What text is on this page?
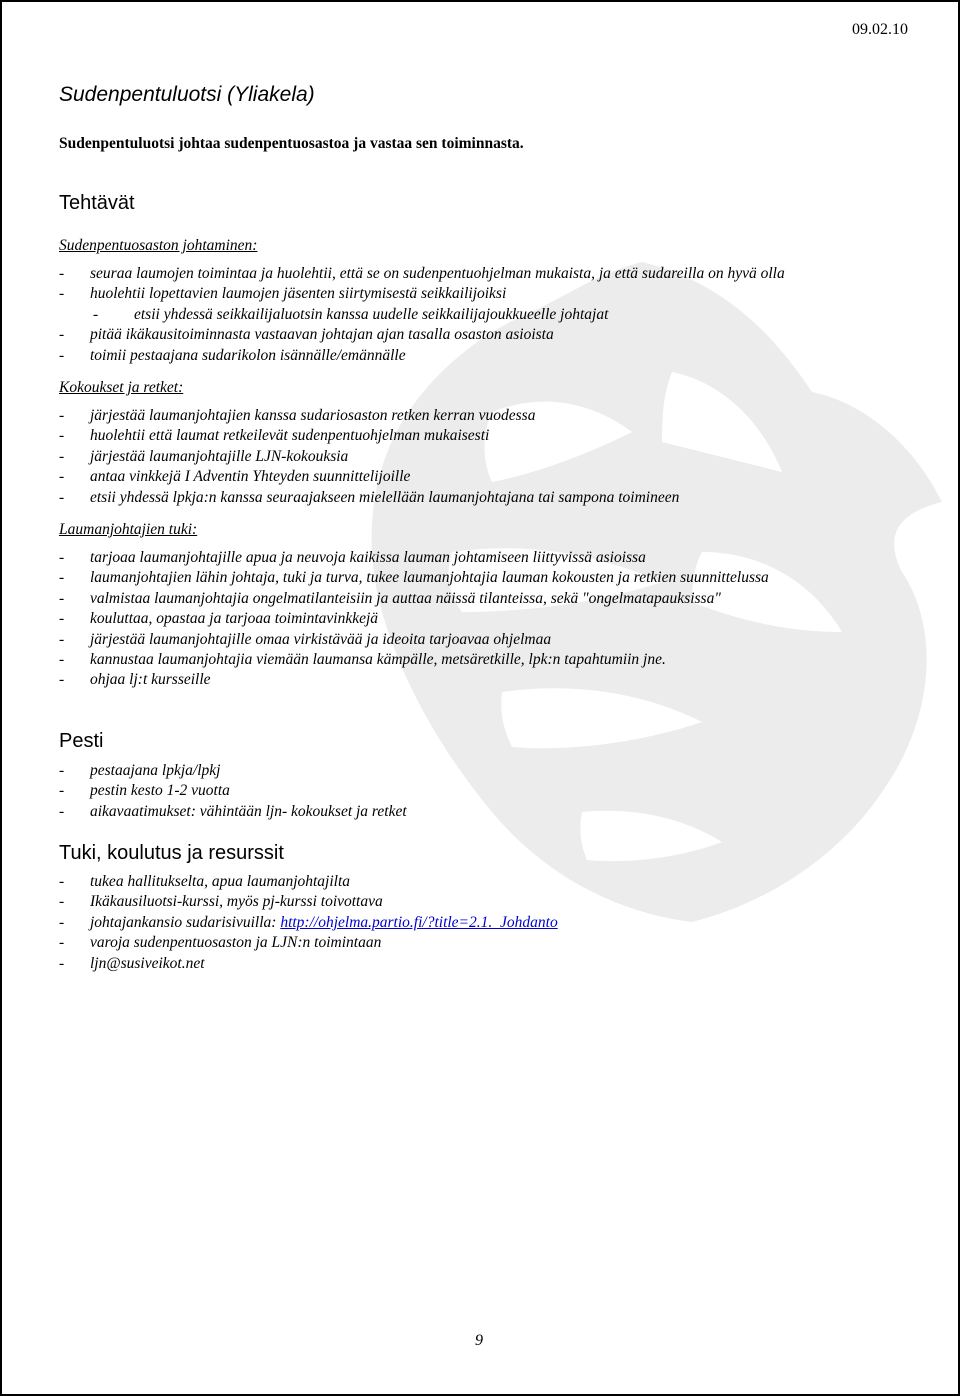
09.02.10
Sudenpentuluotsi (Yliakela)

Sudenpentuluotsi johtaa sudenpentuosastoa ja vastaa sen toiminnasta.

Tehtävät
Sudenpentuosaston johtaminen:
- seuraa laumojen toimintaa ja huolehtii, että se on sudenpentuohjelman mukaista, ja että sudareilla on hyvä olla
- huolehtii lopettavien laumojen jäsenten siirtymisestä seikkailijoiksi
- etsii yhdessä seikkailijaluotsin kanssa uudelle seikkailijajoukkueelle johtajat
- pitää ikäkausitoiminnasta vastaavan johtajan ajan tasalla osaston asioista
- toimii pestaajana sudarikolon isännälle/emännälle
Kokoukset ja retket:
- järjestää laumanjohtajien kanssa sudariosaston retken kerran vuodessa
- huolehtii että laumat retkeilevät sudenpentuohjelman mukaisesti
- järjestää laumanjohtajille LJN-kokouksia
- antaa vinkkejä I Adventin Yhteyden suunnittelijoille
- etsii yhdessä lpkja:n kanssa seuraajakseen mielellään laumanjohtajana tai sampona toimineen
Laumanjohtajien tuki:
- tarjoaa laumanjohtajille apua ja neuvoja kaikissa lauman johtamiseen liittyvissä asioissa
- laumanjohtajien lähin johtaja, tuki ja turva, tukee laumanjohtajia lauman kokousten ja retkien suunnittelussa
- valmistaa laumanjohtajia ongelmatilanteisiin ja auttaa näissä tilanteissa, sekä "ongelmatapauksissa"
- kouluttaa, opastaa ja tarjoaa toimintavinkkejä
- järjestää laumanjohtajille omaa virkistävää ja ideoita tarjoavaa ohjelmaa
- kannustaa laumanjohtajia viemään laumansa kämpälle, metsäretkille, lpk:n tapahtumiin jne.
- ohjaa lj:t kursseille
Pesti
- pestaajana lpkja/lpkj
- pestin kesto 1-2 vuotta
- aikavaatimukset: vähintään ljn- kokoukset ja retket
Tuki, koulutus ja resurssit
- tukea hallitukselta, apua laumanjohtajilta
- Ikäkausiluotsi-kurssi, myös pj-kurssi toivottava
- johtajankansio sudarisivuilla: http://ohjelma.partio.fi/?title=2.1._Johdanto
- varoja sudenpentuosaston ja LJN:n toimintaan
- ljn@susiveikot.net
9
